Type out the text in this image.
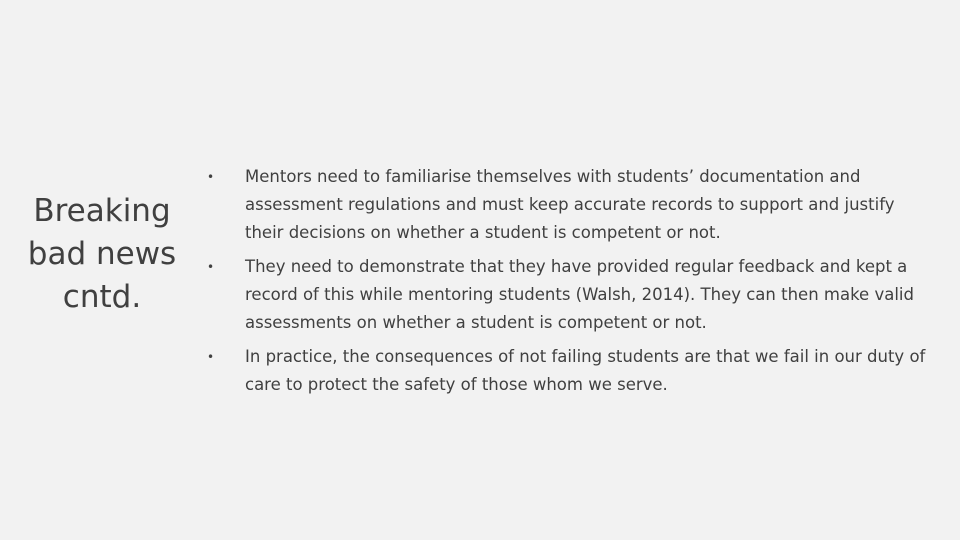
Breaking bad news cntd.
• Mentors need to familiarise themselves with students’ documentation and assessment regulations and must keep accurate records to support and justify their decisions on whether a student is competent or not.
• They need to demonstrate that they have provided regular feedback and kept a record of this while mentoring students (Walsh, 2014). They can then make valid assessments on whether a student is competent or not.
• In practice, the consequences of not failing students are that we fail in our duty of care to protect the safety of those whom we serve.
